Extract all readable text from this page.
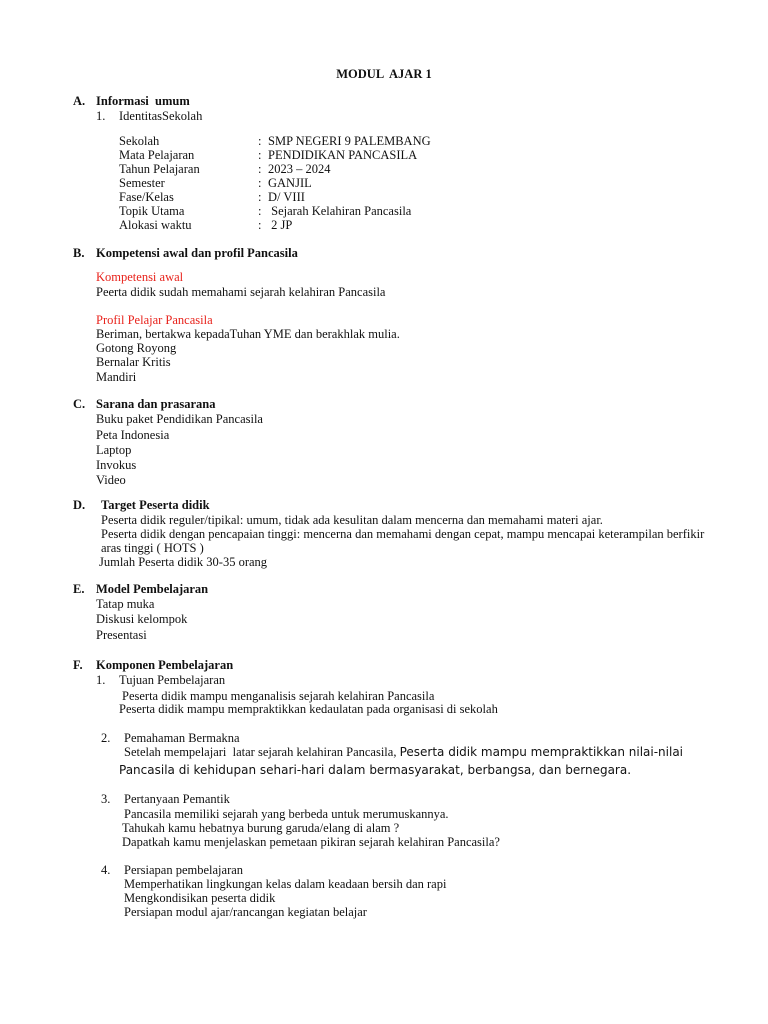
MODUL  AJAR 1
A. Informasi  umum
1. IdentitasSekolah
Sekolah	: SMP NEGERI 9 PALEMBANG
Mata Pelajaran	: PENDIDIKAN PANCASILA
Tahun Pelajaran	: 2023 – 2024
Semester	: GANJIL
Fase/Kelas	: D/ VIII
Topik Utama	: Sejarah Kelahiran Pancasila
Alokasi waktu	: 2 JP
B. Kompetensi awal dan profil Pancasila
Kompetensi awal
Peerta didik sudah memahami sejarah kelahiran Pancasila
Profil Pelajar Pancasila
Beriman, bertakwa kepadaTuhan YME dan berakhlak mulia.
Gotong Royong
Bernalar Kritis
Mandiri
C. Sarana dan prasarana
Buku paket Pendidikan Pancasila
Peta Indonesia
Laptop
Invokus
Video
D. Target Peserta didik
Peserta didik reguler/tipikal: umum, tidak ada kesulitan dalam mencerna dan memahami materi ajar.
Peserta didik dengan pencapaian tinggi: mencerna dan memahami dengan cepat, mampu mencapai keterampilan berfikir
aras tinggi ( HOTS )
Jumlah Peserta didik 30-35 orang
E. Model Pembelajaran
Tatap muka
Diskusi kelompok
Presentasi
F. Komponen Pembelajaran
1. Tujuan Pembelajaran
Peserta didik mampu menganalisis sejarah kelahiran Pancasila
Peserta didik mampu mempraktikkan kedaulatan pada organisasi di sekolah
2. Pemahaman Bermakna
Setelah mempelajari  latar sejarah kelahiran Pancasila, Peserta didik mampu mempraktikkan nilai-nilai
Pancasila di kehidupan sehari-hari dalam bermasyarakat, berbangsa, dan bernegara.
3. Pertanyaan Pemantik
Pancasila memiliki sejarah yang berbeda untuk merumuskannya.
Tahukah kamu hebatnya burung garuda/elang di alam ?
Dapatkah kamu menjelaskan pemetaan pikiran sejarah kelahiran Pancasila?
4. Persiapan pembelajaran
Memperhatikan lingkungan kelas dalam keadaan bersih dan rapi
Mengkondisikan peserta didik
Persiapan modul ajar/rancangan kegiatan belajar
